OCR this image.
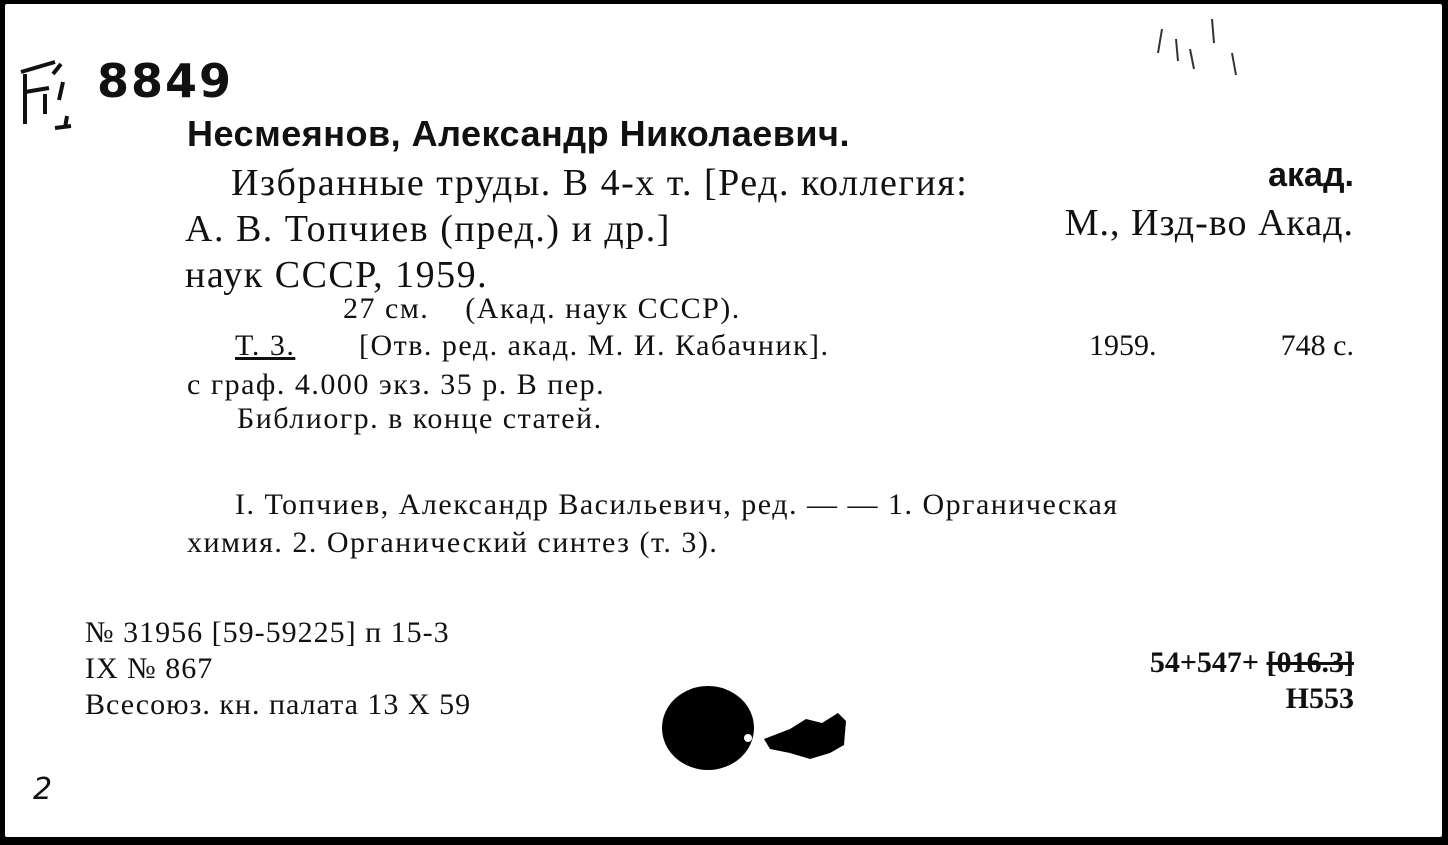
8849
Несмеянов, Александр Николаевич.
Избранные труды. В 4-х т. [Ред. коллегия:	акад.
А. В. Топчиев (пред.) и др.]	М., Изд-во Акад.
наук СССР, 1959.
27 см.    (Акад. наук СССР).
Т. 3. [Отв. ред. акад. М. И. Кабачник].	1959.	748 с.
с граф. 4.000 экз. 35 р. В пер.
Библиогр. в конце статей.
I. Топчиев, Александр Васильевич, ред. — — 1. Органическая
химия. 2. Органический синтез (т. 3).
№ 31956 [59-59225] п 15-3
IX № 867
Всесоюз. кн. палата 13 X 59
54+547+ [016.3]
Н553
2
